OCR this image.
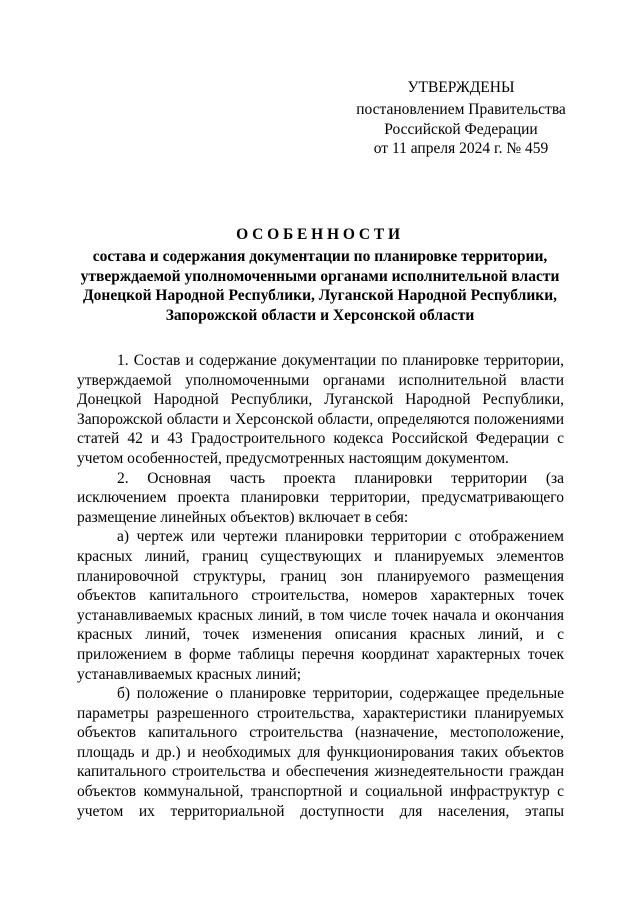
УТВЕРЖДЕНЫ
постановлением Правительства
Российской Федерации
от 11 апреля 2024 г. № 459
ОСОБЕННОСТИ
состава и содержания документации по планировке территории,
утверждаемой уполномоченными органами исполнительной власти
Донецкой Народной Республики, Луганской Народной Республики,
Запорожской области и Херсонской области

1. Состав и содержание документации по планировке территории, утверждаемой уполномоченными органами исполнительной власти Донецкой Народной Республики, Луганской Народной Республики, Запорожской области и Херсонской области, определяются положениями статей 42 и 43 Градостроительного кодекса Российской Федерации с учетом особенностей, предусмотренных настоящим документом.

2. Основная часть проекта планировки территории (за исключением проекта планировки территории, предусматривающего размещение линейных объектов) включает в себя:

а) чертеж или чертежи планировки территории с отображением красных линий, границ существующих и планируемых элементов планировочной структуры, границ зон планируемого размещения объектов капитального строительства, номеров характерных точек устанавливаемых красных линий, в том числе точек начала и окончания красных линий, точек изменения описания красных линий, и с приложением в форме таблицы перечня координат характерных точек устанавливаемых красных линий;

б) положение о планировке территории, содержащее предельные параметры разрешенного строительства, характеристики планируемых объектов капитального строительства (назначение, местоположение, площадь и др.) и необходимых для функционирования таких объектов капитального строительства и обеспечения жизнедеятельности граждан объектов коммунальной, транспортной и социальной инфраструктур с учетом их территориальной доступности для населения, этапы
